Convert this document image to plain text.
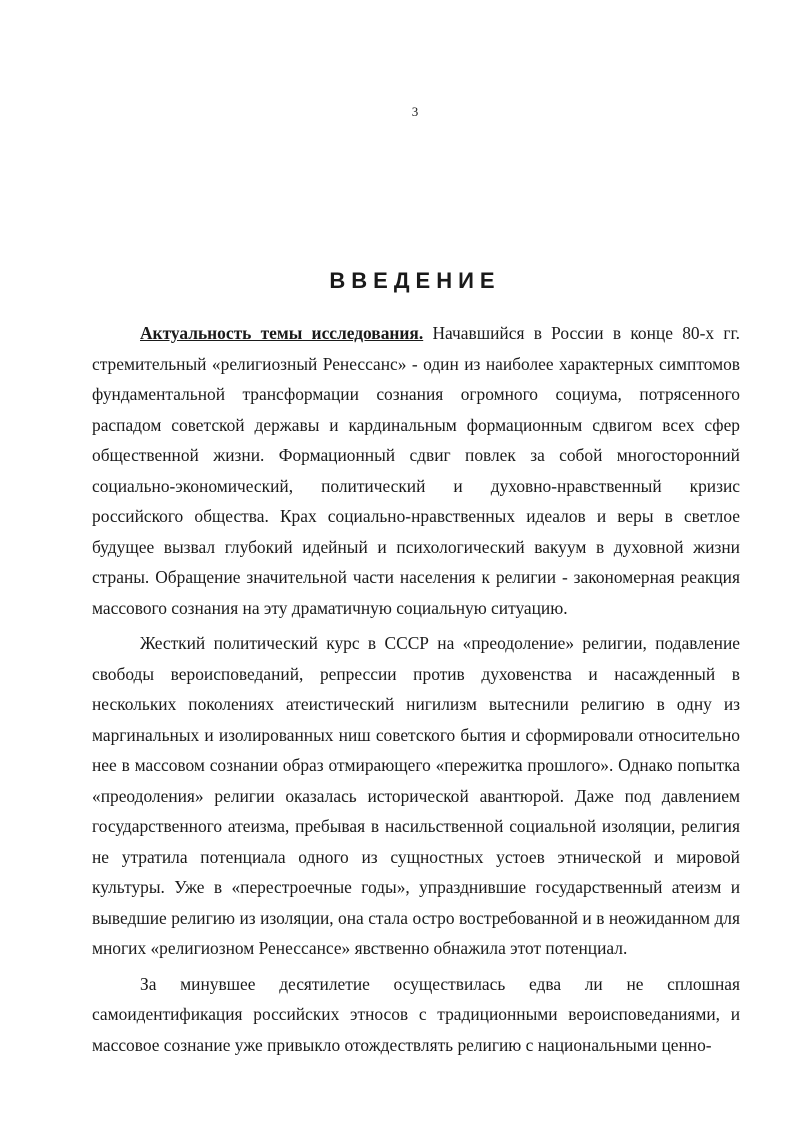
3
ВВЕДЕНИЕ

Актуальность темы исследования. Начавшийся в России в конце 80-х гг. стремительный «религиозный Ренессанс» - один из наиболее характерных симптомов фундаментальной трансформации сознания огромного социума, потрясенного распадом советской державы и кардинальным формационным сдвигом всех сфер общественной жизни. Формационный сдвиг повлек за собой многосторонний социально-экономический, политический и духовно-нравственный кризис российского общества. Крах социально-нравственных идеалов и веры в светлое будущее вызвал глубокий идейный и психологический вакуум в духовной жизни страны. Обращение значительной части населения к религии - закономерная реакция массового сознания на эту драматичную социальную ситуацию.

Жесткий политический курс в СССР на «преодоление» религии, подавление свободы вероисповеданий, репрессии против духовенства и насажденный в нескольких поколениях атеистический нигилизм вытеснили религию в одну из маргинальных и изолированных ниш советского бытия и сформировали относительно нее в массовом сознании образ отмирающего «пережитка прошлого». Однако попытка «преодоления» религии оказалась исторической авантюрой. Даже под давлением государственного атеизма, пребывая в насильственной социальной изоляции, религия не утратила потенциала одного из сущностных устоев этнической и мировой культуры. Уже в «перестроечные годы», упразднившие государственный атеизм и выведшие религию из изоляции, она стала остро востребованной и в неожиданном для многих «религиозном Ренессансе» явственно обнажила этот потенциал.

За минувшее десятилетие осуществилась едва ли не сплошная самоидентификация российских этносов с традиционными вероисповеданиями, и массовое сознание уже привыкло отождествлять религию с национальными ценно-
